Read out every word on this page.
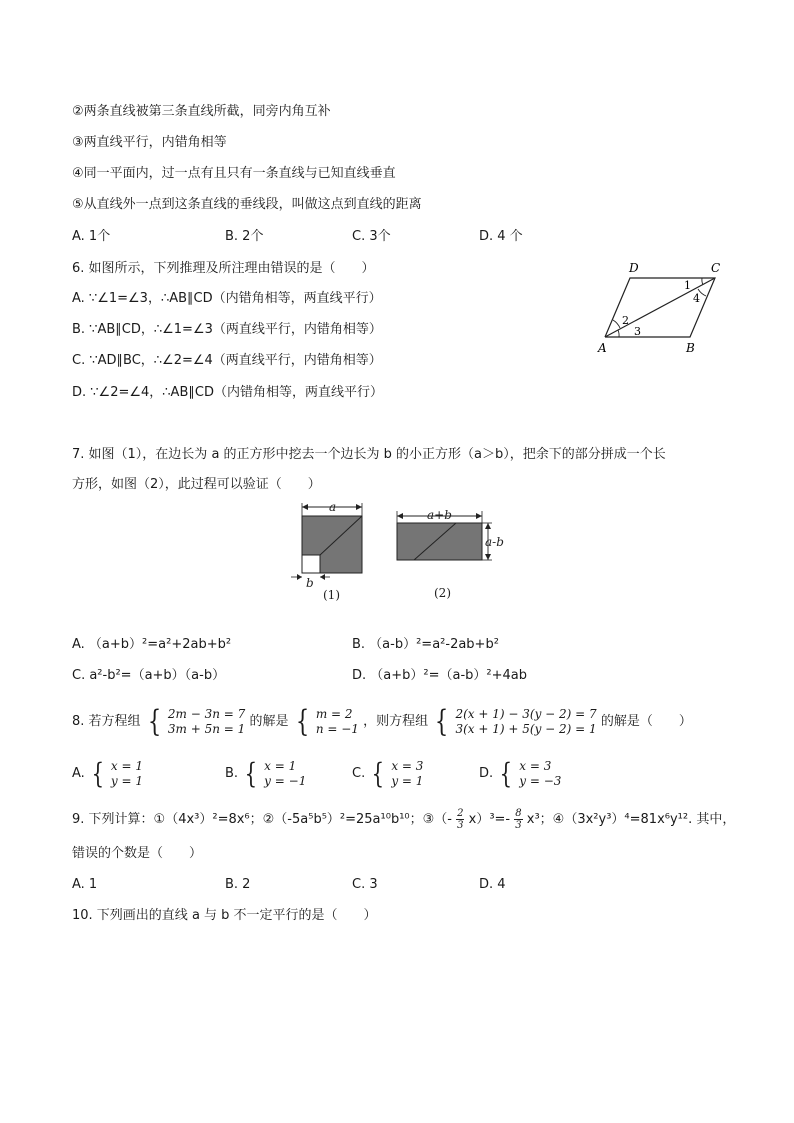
②两条直线被第三条直线所截，同旁内角互补
③两直线平行，内错角相等
④同一平面内，过一点有且只有一条直线与已知直线垂直
⑤从直线外一点到这条直线的垂线段，叫做这点到直线的距离
A. 1个	B. 2个	C. 3个	D. 4 个
6. 如图所示，下列推理及所注理由错误的是（　　）
A. ∵∠1=∠3，∴AB∥CD（内错角相等，两直线平行）
B. ∵AB∥CD，∴∠1=∠3（两直线平行，内错角相等）
C. ∵AD∥BC，∴∠2=∠4（两直线平行，内错角相等）
D. ∵∠2=∠4，∴AB∥CD（内错角相等，两直线平行）
A	B
C
D
1
2
3
4
7. 如图（1），在边长为 a 的正方形中挖去一个边长为 b 的小正方形（a＞b），把余下的部分拼成一个长
方形，如图（2），此过程可以验证（　　）
a
b
(1)
a+b
a-b
(2)
A. （a+b）²=a²+2ab+b²	B. （a-b）²=a²-2ab+b²
C. a²-b²=（a+b）（a-b）	D. （a+b）²=（a-b）²+4ab
8. 若方程组 { 2m − 3n = 7
3m + 5n = 1 的解是 { m = 2
n = −1 ，则方程组 { 2(x + 1) − 3(y − 2) = 7
3(x + 1) + 5(y − 2) = 1 的解是（　　）
A. { x = 1
y = 1	B. { x = 1
y = −1	C. { x = 3
y = 1	D. { x = 3
y = −3
9. 下列计算：①（4x³）²=8x⁶；②（-5a⁵b⁵）²=25a¹⁰b¹⁰；③（- $\frac{2}{3} x)^3=- \frac{8}{3} x^3$；④（3x²y³）⁴=81x⁶y¹². 其中，
错误的个数是（　　）
A. 1	B. 2	C. 3	D. 4
10. 下列画出的直线 a 与 b 不一定平行的是（　　）
